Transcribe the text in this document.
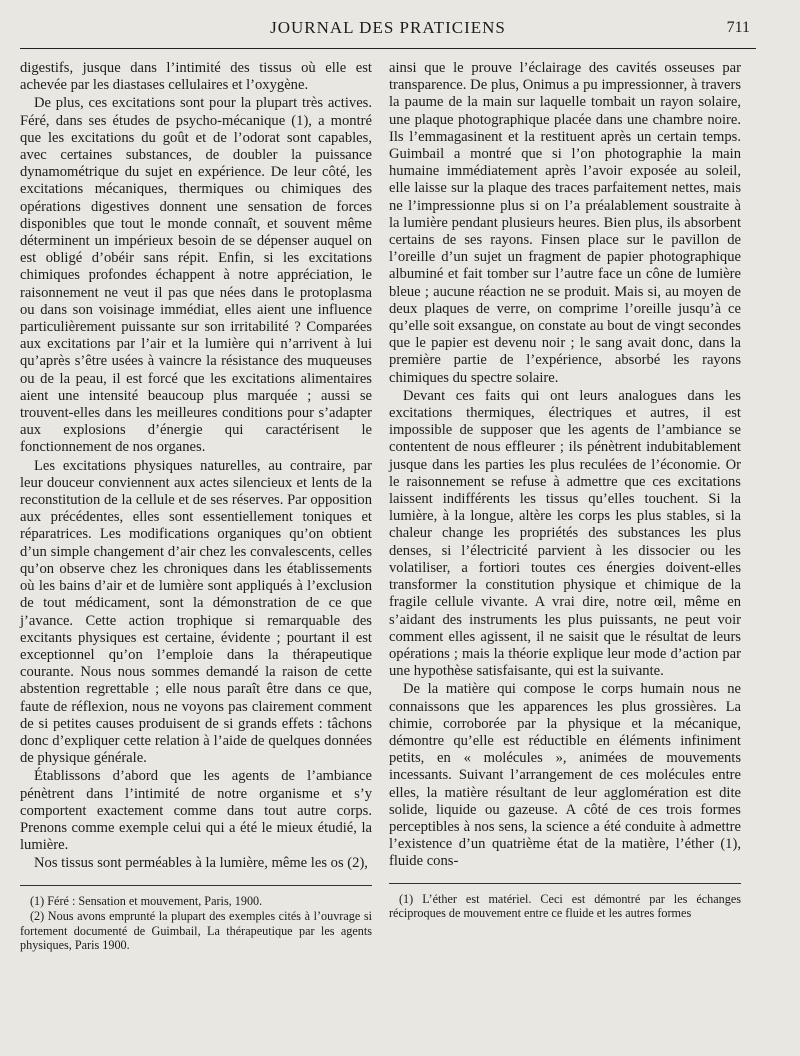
JOURNAL DES PRATICIENS	711

digestifs, jusque dans l’intimité des tissus où elle est achevée par les diastases cellulaires et l’oxygène.

De plus, ces excitations sont pour la plupart très actives. Féré, dans ses études de psycho-mécanique (1), a montré que les excitations du goût et de l’odorat sont capables, avec certaines substances, de doubler la puissance dynamométrique du sujet en expérience. De leur côté, les excitations mécaniques, thermiques ou chimiques des opérations digestives donnent une sensation de forces disponibles que tout le monde connaît, et souvent même déterminent un impérieux besoin de se dépenser auquel on est obligé d’obéir sans répit. Enfin, si les excitations chimiques profondes échappent à notre appréciation, le raisonnement ne veut il pas que nées dans le protoplasma ou dans son voisinage immédiat, elles aient une influence particulièrement puissante sur son irritabilité ? Comparées aux excitations par l’air et la lumière qui n’arrivent à lui qu’après s’être usées à vaincre la résistance des muqueuses ou de la peau, il est forcé que les excitations alimentaires aient une intensité beaucoup plus marquée ; aussi se trouvent-elles dans les meilleures conditions pour s’adapter aux explosions d’énergie qui caractérisent le fonctionnement de nos organes.

Les excitations physiques naturelles, au contraire, par leur douceur conviennent aux actes silencieux et lents de la reconstitution de la cellule et de ses réserves. Par opposition aux précédentes, elles sont essentiellement toniques et réparatrices. Les modifications organiques qu’on obtient d’un simple changement d’air chez les convalescents, celles qu’on observe chez les chroniques dans les établissements où les bains d’air et de lumière sont appliqués à l’exclusion de tout médicament, sont la démonstration de ce que j’avance. Cette action trophique si remarquable des excitants physiques est certaine, évidente ; pourtant il est exceptionnel qu’on l’emploie dans la thérapeutique courante. Nous nous sommes demandé la raison de cette abstention regrettable ; elle nous paraît être dans ce que, faute de réflexion, nous ne voyons pas clairement comment de si petites causes produisent de si grands effets : tâchons donc d’expliquer cette relation à l’aide de quelques données de physique générale.

Établissons d’abord que les agents de l’ambiance pénètrent dans l’intimité de notre organisme et s’y comportent exactement comme dans tout autre corps. Prenons comme exemple celui qui a été le mieux étudié, la lumière.

Nos tissus sont perméables à la lumière, même les os (2),

(1) Féré : Sensation et mouvement, Paris, 1900.

(2) Nous avons emprunté la plupart des exemples cités à l’ouvrage si fortement documenté de Guimbail, La thérapeutique par les agents physiques, Paris 1900.

ainsi que le prouve l’éclairage des cavités osseuses par transparence. De plus, Onimus a pu impressionner, à travers la paume de la main sur laquelle tombait un rayon solaire, une plaque photographique placée dans une chambre noire. Ils l’emmagasinent et la restituent après un certain temps. Guimbail a montré que si l’on photographie la main humaine immédiatement après l’avoir exposée au soleil, elle laisse sur la plaque des traces parfaitement nettes, mais ne l’impressionne plus si on l’a préalablement soustraite à la lumière pendant plusieurs heures. Bien plus, ils absorbent certains de ses rayons. Finsen place sur le pavillon de l’oreille d’un sujet un fragment de papier photographique albuminé et fait tomber sur l’autre face un cône de lumière bleue ; aucune réaction ne se produit. Mais si, au moyen de deux plaques de verre, on comprime l’oreille jusqu’à ce qu’elle soit exsangue, on constate au bout de vingt secondes que le papier est devenu noir ; le sang avait donc, dans la première partie de l’expérience, absorbé les rayons chimiques du spectre solaire.

Devant ces faits qui ont leurs analogues dans les excitations thermiques, électriques et autres, il est impossible de supposer que les agents de l’ambiance se contentent de nous effleurer ; ils pénètrent indubitablement jusque dans les parties les plus reculées de l’économie. Or le raisonnement se refuse à admettre que ces excitations laissent indifférents les tissus qu’elles touchent. Si la lumière, à la longue, altère les corps les plus stables, si la chaleur change les propriétés des substances les plus denses, si l’électricité parvient à les dissocier ou les volatiliser, a fortiori toutes ces énergies doivent-elles transformer la constitution physique et chimique de la fragile cellule vivante. A vrai dire, notre œil, même en s’aidant des instruments les plus puissants, ne peut voir comment elles agissent, il ne saisit que le résultat de leurs opérations ; mais la théorie explique leur mode d’action par une hypothèse satisfaisante, qui est la suivante.

De la matière qui compose le corps humain nous ne connaissons que les apparences les plus grossières. La chimie, corroborée par la physique et la mécanique, démontre qu’elle est réductible en éléments infiniment petits, en « molécules », animées de mouvements incessants. Suivant l’arrangement de ces molécules entre elles, la matière résultant de leur agglomération est dite solide, liquide ou gazeuse. A côté de ces trois formes perceptibles à nos sens, la science a été conduite à admettre l’existence d’un quatrième état de la matière, l’éther (1), fluide cons-

(1) L’éther est matériel. Ceci est démontré par les échanges réciproques de mouvement entre ce fluide et les autres formes
